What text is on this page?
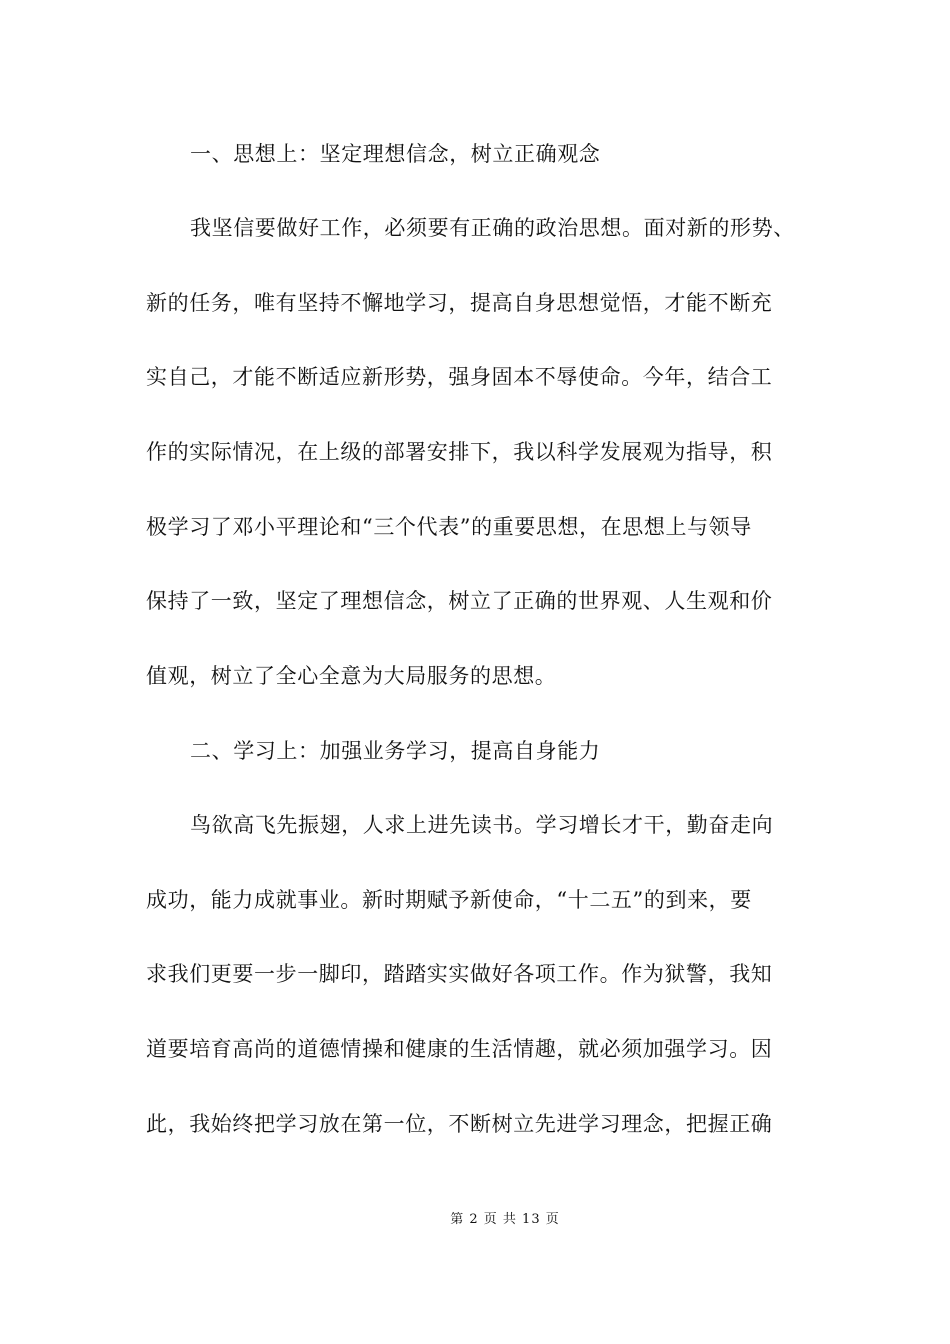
一、思想上：坚定理想信念，树立正确观念
我坚信要做好工作，必须要有正确的政治思想。面对新的形势、
新的任务，唯有坚持不懈地学习，提高自身思想觉悟，才能不断充
实自己，才能不断适应新形势，强身固本不辱使命。今年，结合工
作的实际情况，在上级的部署安排下，我以科学发展观为指导，积
极学习了邓小平理论和“三个代表”的重要思想，在思想上与领导
保持了一致，坚定了理想信念，树立了正确的世界观、人生观和价
值观，树立了全心全意为大局服务的思想。
二、学习上：加强业务学习，提高自身能力
鸟欲高飞先振翅，人求上进先读书。学习增长才干，勤奋走向
成功，能力成就事业。新时期赋予新使命，“十二五”的到来，要
求我们更要一步一脚印，踏踏实实做好各项工作。作为狱警，我知
道要培育高尚的道德情操和健康的生活情趣，就必须加强学习。因
此，我始终把学习放在第一位，不断树立先进学习理念，把握正确
第 2 页 共 13 页
